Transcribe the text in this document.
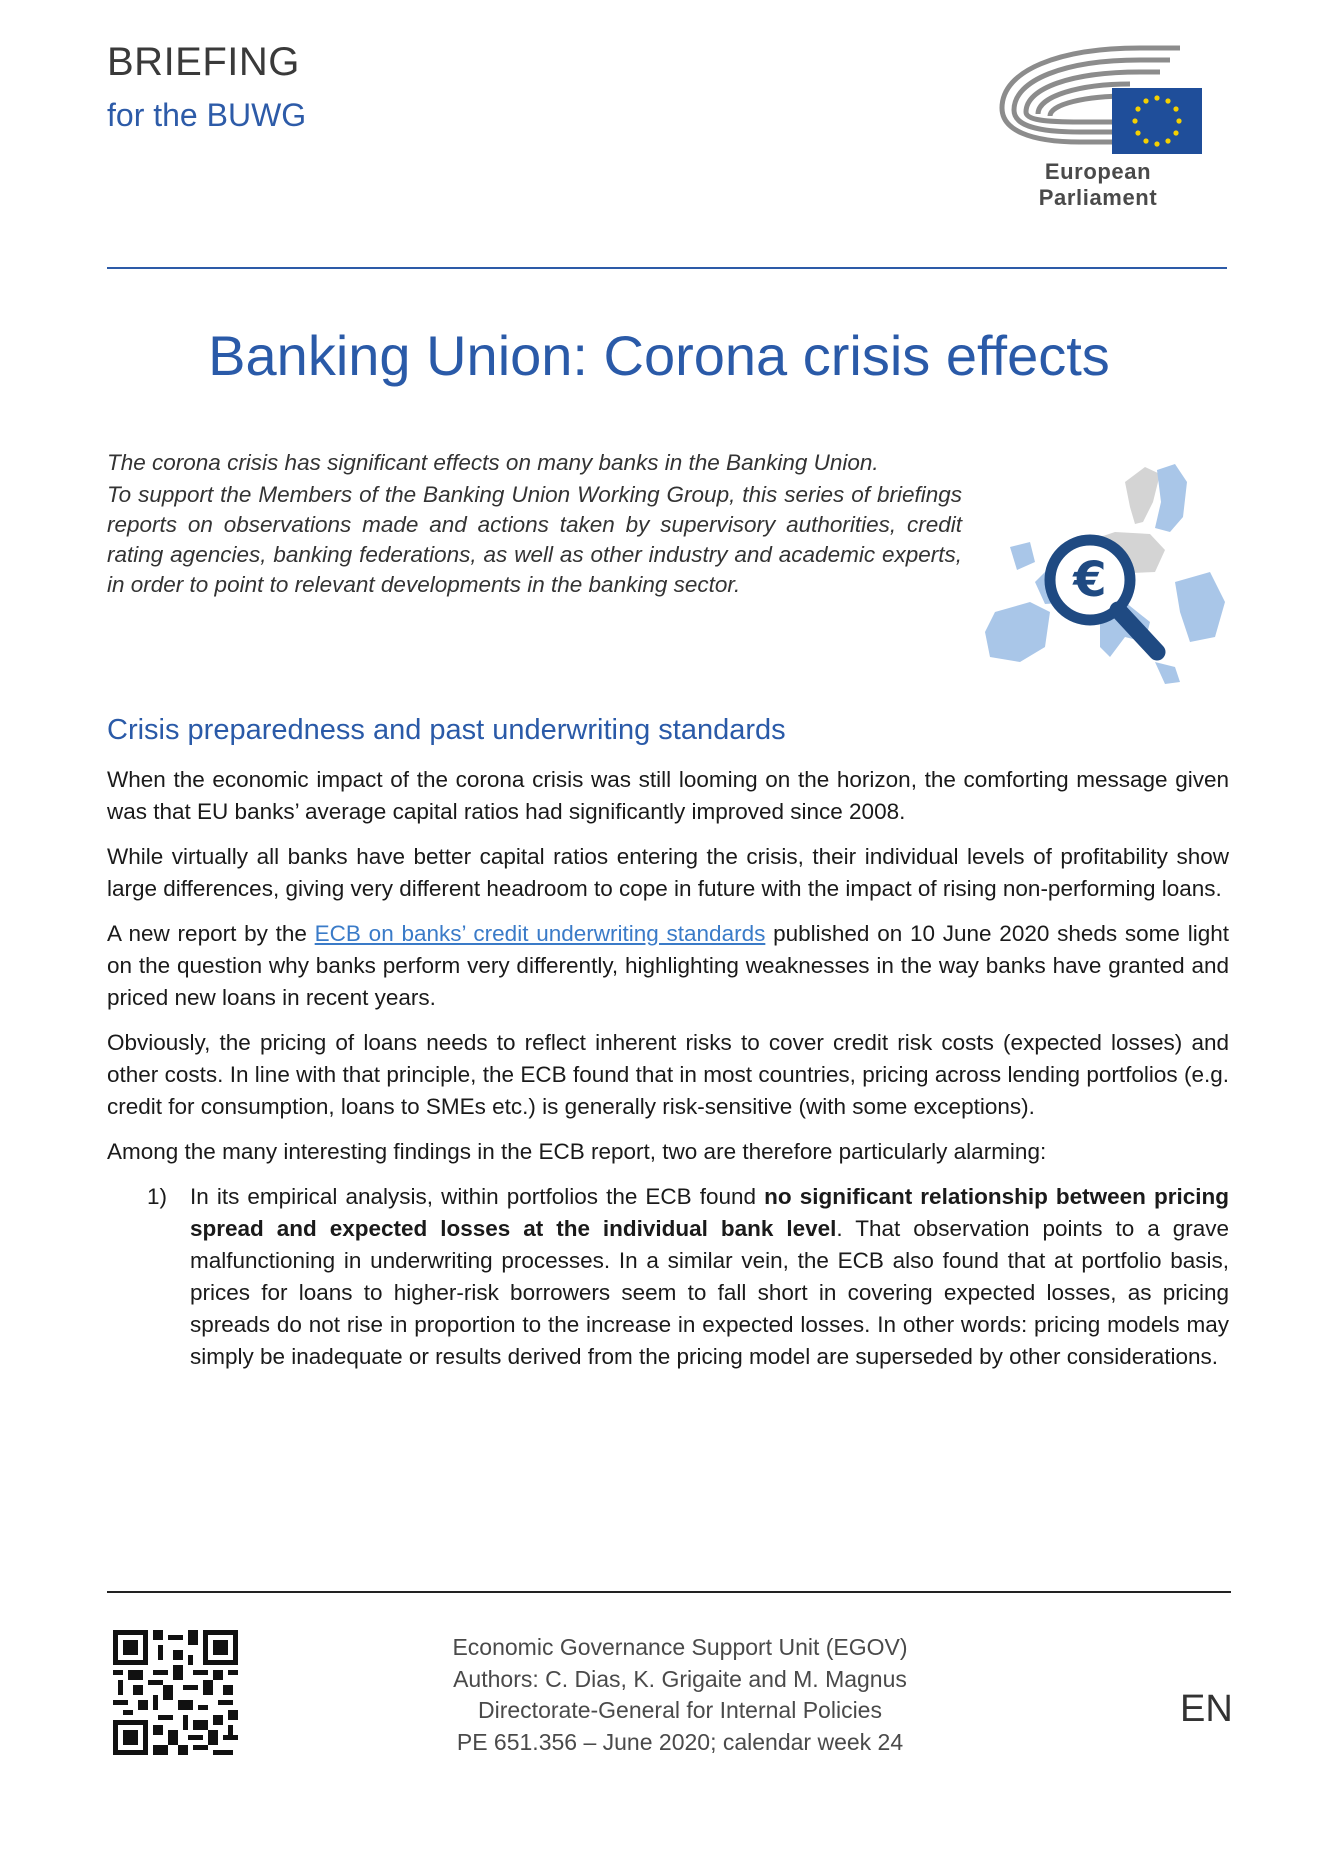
BRIEFING
for the BUWG
European Parliament
Banking Union: Corona crisis effects

The corona crisis has significant effects on many banks in the Banking Union.

To support the Members of the Banking Union Working Group, this series of briefings reports on observations made and actions taken by supervisory authorities, credit rating agencies, banking federations, as well as other industry and academic experts, in order to point to relevant developments in the banking sector.	€
Crisis preparedness and past underwriting standards

When the economic impact of the corona crisis was still looming on the horizon, the comforting message given was that EU banks’ average capital ratios had significantly improved since 2008.

While virtually all banks have better capital ratios entering the crisis, their individual levels of profitability show large differences, giving very different headroom to cope in future with the impact of rising non-performing loans.

A new report by the ECB on banks’ credit underwriting standards published on 10 June 2020 sheds some light on the question why banks perform very differently, highlighting weaknesses in the way banks have granted and priced new loans in recent years.

Obviously, the pricing of loans needs to reflect inherent risks to cover credit risk costs (expected losses) and other costs. In line with that principle, the ECB found that in most countries, pricing across lending portfolios (e.g. credit for consumption, loans to SMEs etc.) is generally risk-sensitive (with some exceptions).

Among the many interesting findings in the ECB report, two are therefore particularly alarming:

1) In its empirical analysis, within portfolios the ECB found no significant relationship between pricing spread and expected losses at the individual bank level. That observation points to a grave malfunctioning in underwriting processes. In a similar vein, the ECB also found that at portfolio basis, prices for loans to higher-risk borrowers seem to fall short in covering expected losses, as pricing spreads do not rise in proportion to the increase in expected losses. In other words: pricing models may simply be inadequate or results derived from the pricing model are superseded by other considerations.
Economic Governance Support Unit (EGOV)
Authors: C. Dias, K. Grigaite and M. Magnus
Directorate-General for Internal Policies
PE 651.356 – June 2020; calendar week 24
EN
